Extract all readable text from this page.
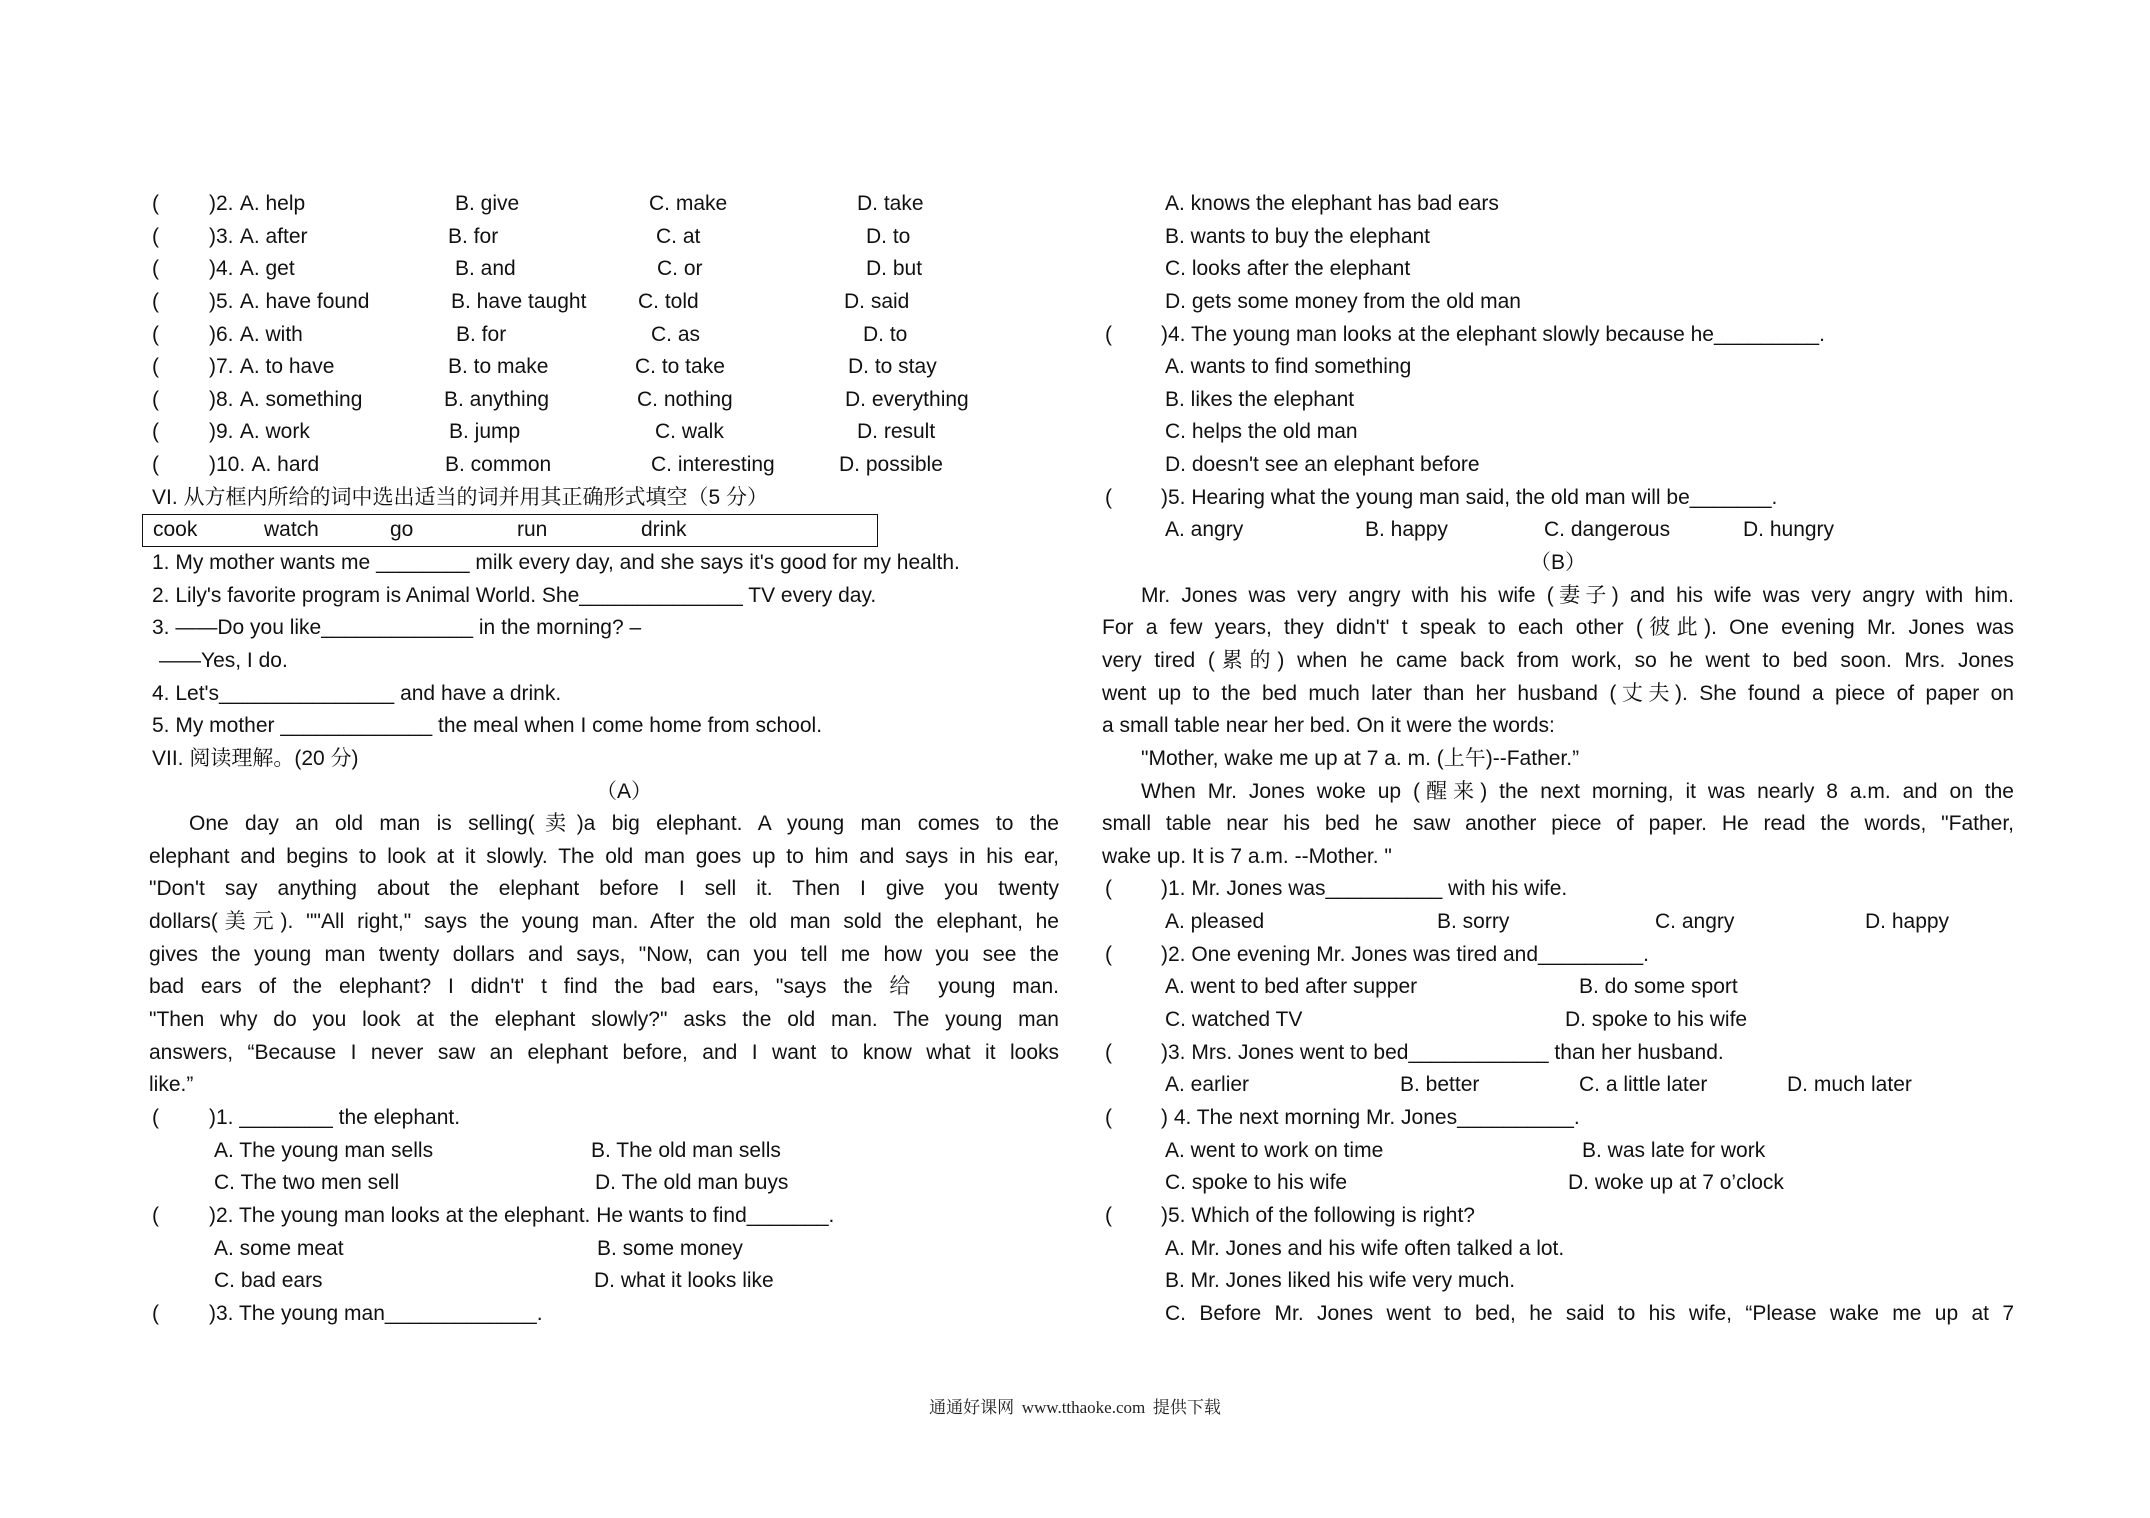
( )2. A. help	B. give	C. make	D. take
( )3. A. after	B. for	C. at	D. to
( )4. A. get	B. and	C. or	D. but
( )5. A. have found	B. have taught C. told	D. said
( )6. A. with	B. for	C. as	D. to
( )7. A. to have	B. to make	C. to take	D. to stay
( )8. A. something	B. anything	C. nothing	D. everything
( )9. A. work	B. jump	C. walk	D. result
( )10. A. hard	B. common	C. interesting	D. possible
VI. 从方框内所给的词中选出适当的词并用其正确形式填空（5 分）
cook	watch	go	run	drink
1. My mother wants me ________ milk every day, and she says it's good for my health.
2. Lily's favorite program is Animal World. She______________ TV every day.
3. ——Do you like_____________ in the morning? –
——Yes, I do.
4. Let's_______________ and have a drink.
5. My mother _____________ the meal when I come home from school.
VII. 阅读理解。(20 分)
（A）
One day an old man is selling(卖)a big elephant. A young man comes to the
elephant and begins to look at it slowly. The old man goes up to him and says in his ear,
"Don't say anything about the elephant before I sell it. Then I give you twenty
dollars(美元). ""All right," says the young man. After the old man sold the elephant, he
gives the young man twenty dollars and says, "Now, can you tell me how you see the
bad ears of the elephant? I didn't' t find the bad ears, "says the 给 young man.
"Then why do you look at the elephant slowly?" asks the old man. The young man
answers, “Because I never saw an elephant before, and I want to know what it looks
like.”
( )1. ________ the elephant.
A. The young man sells	B. The old man sells
C. The two men sell	D. The old man buys
( )2. The young man looks at the elephant. He wants to find_______.
A. some meat	B. some money
C. bad ears	D. what it looks like
( )3. The young man_____________.
A. knows the elephant has bad ears
B. wants to buy the elephant
C. looks after the elephant
D. gets some money from the old man
( )4. The young man looks at the elephant slowly because he_________.
A. wants to find something
B. likes the elephant
C. helps the old man
D. doesn't see an elephant before
( )5. Hearing what the young man said, the old man will be_______.
A. angry	B. happy	C. dangerous	D. hungry
（B）
Mr. Jones was very angry with his wife (妻子) and his wife was very angry with him.
For a few years, they didn't' t speak to each other (彼此). One evening Mr. Jones was
very tired (累的) when he came back from work, so he went to bed soon. Mrs. Jones
went up to the bed much later than her husband (丈夫). She found a piece of paper on
a small table near her bed. On it were the words:
"Mother, wake me up at 7 a. m. (上午)--Father.”
When Mr. Jones woke up (醒来) the next morning, it was nearly 8 a.m. and on the
small table near his bed he saw another piece of paper. He read the words, "Father,
wake up. It is 7 a.m. --Mother. "
( )1. Mr. Jones was__________ with his wife.
A. pleased	B. sorry	C. angry	D. happy
( )2. One evening Mr. Jones was tired and_________.
A. went to bed after supper	B. do some sport
C. watched TV	D. spoke to his wife
( )3. Mrs. Jones went to bed____________ than her husband.
A. earlier	B. better	C. a little later	D. much later
( ) 4. The next morning Mr. Jones__________.
A. went to work on time	B. was late for work
C. spoke to his wife	D. woke up at 7 o’clock
( )5. Which of the following is right?
A. Mr. Jones and his wife often talked a lot.
B. Mr. Jones liked his wife very much.
C. Before Mr. Jones went to bed, he said to his wife, “Please wake me up at 7
通通好课网 www.tthaoke.com 提供下载
